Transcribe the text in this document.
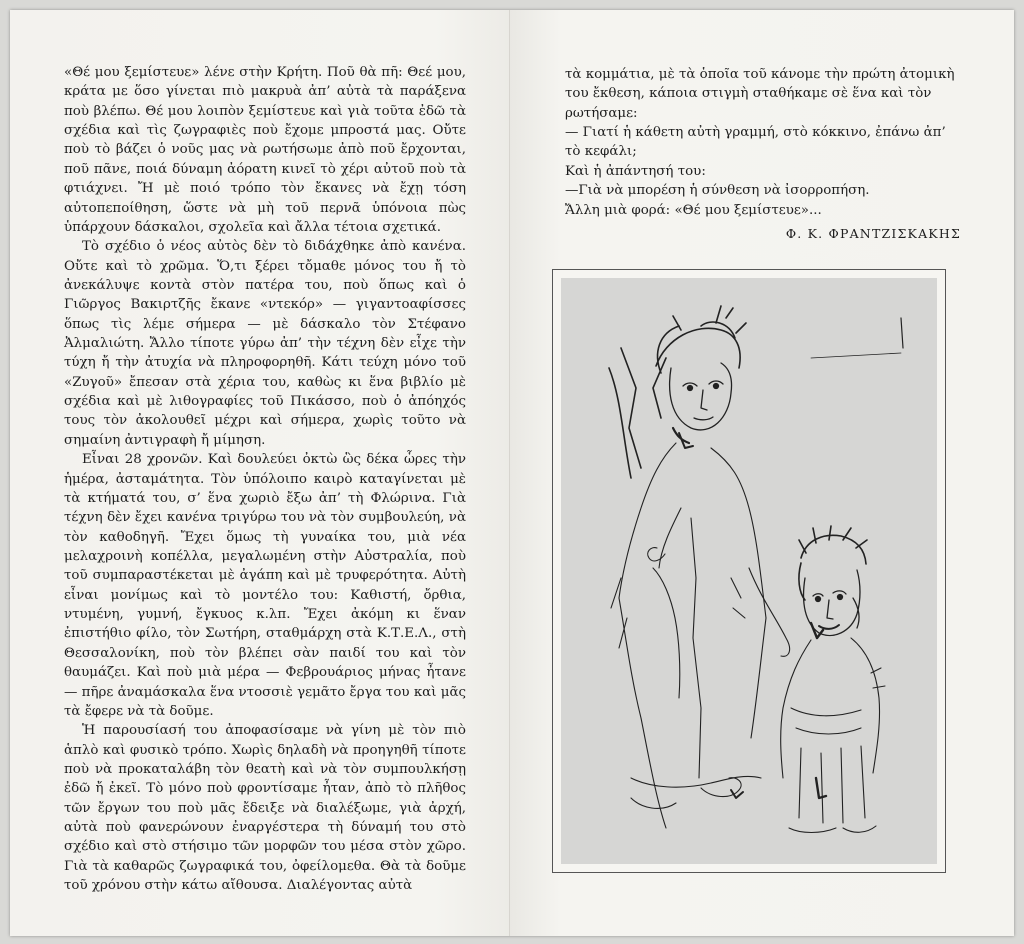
«Θέ μου ξεμίστευε» λένε στὴν Κρήτη. Ποῦ θὰ πῆ: Θεέ μου, κράτα με ὅσο γίνεται πιὸ μακρυὰ ἀπ’ αὐτὰ τὰ παράξενα ποὺ βλέπω. Θέ μου λοιπὸν ξεμίστευε καὶ γιὰ τοῦτα ἐδῶ τὰ σχέδια καὶ τὶς ζωγραφιὲς ποὺ ἔχομε μπροστά μας. Οὔτε ποὺ τὸ βάζει ὁ νοῦς μας νὰ ρωτήσωμε ἀπὸ ποῦ ἔρχονται, ποῦ πᾶνε, ποιά δύναμη ἀόρατη κινεῖ τὸ χέρι αὐτοῦ ποὺ τὰ φτιάχνει. Ἤ μὲ ποιό τρόπο τὸν ἔκανες νὰ ἔχῃ τόση αὐτοπεποίθηση, ὥστε νὰ μὴ τοῦ περνᾶ ὑπόνοια πὼς ὑπάρχουν δάσκαλοι, σχολεῖα καὶ ἄλλα τέτοια σχετικά.

Τὸ σχέδιο ὁ νέος αὐτὸς δὲν τὸ διδάχθηκε ἀπὸ κανένα. Οὔτε καὶ τὸ χρῶμα. Ὅ,τι ξέρει τὄμαθε μόνος του ἤ τὸ ἀνεκάλυψε κοντὰ στὸν πατέρα του, ποὺ ὅπως καὶ ὁ Γιῶργος Βακιρτζῆς ἔκανε «ντεκόρ» — γιγαντοαφίσσες ὅπως τὶς λέμε σήμερα — μὲ δάσκαλο τὸν Στέφανο Ἀλμαλιώτη. Ἄλλο τίποτε γύρω ἀπ’ τὴν τέχνη δὲν εἶχε τὴν τύχη ἤ τὴν ἀτυχία νὰ πληροφορηθῆ. Κάτι τεύχη μόνο τοῦ «Ζυγοῦ» ἔπεσαν στὰ χέρια του, καθὼς κι ἕνα βιβλίο μὲ σχέδια καὶ μὲ λιθογραφίες τοῦ Πικάσσο, ποὺ ὁ ἀπόηχός τους τὸν ἀκολουθεῖ μέχρι καὶ σήμερα, χωρὶς τοῦτο νὰ σημαίνη ἀντιγραφὴ ἤ μίμηση.

Εἶναι 28 χρονῶν. Καὶ δουλεύει ὀκτὼ ὣς δέκα ὧρες τὴν ἡμέρα, ἀσταμάτητα. Τὸν ὑπόλοιπο καιρὸ καταγίνεται μὲ τὰ κτήματά του, σ’ ἕνα χωριὸ ἔξω ἀπ’ τὴ Φλώρινα. Γιὰ τέχνη δὲν ἔχει κανένα τριγύρω του νὰ τὸν συμβουλεύη, νὰ τὸν καθοδηγῆ. Ἔχει ὅμως τὴ γυναίκα του, μιὰ νέα μελαχροινὴ κοπέλλα, μεγαλωμένη στὴν Αὐστραλία, ποὺ τοῦ συμπαραστέκεται μὲ ἀγάπη καὶ μὲ τρυφερότητα. Αὐτὴ εἶναι μονίμως καὶ τὸ μοντέλο του: Καθιστή, ὄρθια, ντυμένη, γυμνή, ἔγκυος κ.λπ. Ἔχει ἀκόμη κι ἕναν ἐπιστήθιο φίλο, τὸν Σωτήρη, σταθμάρχη στὰ Κ.Τ.Ε.Λ., στὴ Θεσσαλονίκη, ποὺ τὸν βλέπει σὰν παιδί του καὶ τὸν θαυμάζει. Καὶ ποὺ μιὰ μέρα — Φεβρουάριος μήνας ἦτανε — πῆρε ἀναμάσκαλα ἕνα ντοσσιὲ γεμᾶτο ἔργα του καὶ μᾶς τὰ ἔφερε νὰ τὰ δοῦμε.

Ἡ παρουσίασή του ἀποφασίσαμε νὰ γίνη μὲ τὸν πιὸ ἁπλὸ καὶ φυσικὸ τρόπο. Χωρὶς δηλαδὴ νὰ προηγηθῆ τίποτε ποὺ νὰ προκαταλάβη τὸν θεατὴ καὶ νὰ τὸν συμπουλκήσῃ ἐδῶ ἤ ἐκεῖ. Τὸ μόνο ποὺ φροντίσαμε ἦταν, ἀπὸ τὸ πλῆθος τῶν ἔργων του ποὺ μᾶς ἔδειξε νὰ διαλέξωμε, γιὰ ἀρχή, αὐτὰ ποὺ φανερώνουν ἐναργέστερα τὴ δύναμή του στὸ σχέδιο καὶ στὸ στήσιμο τῶν μορφῶν του μέσα στὸν χῶρο. Γιὰ τὰ καθαρῶς ζωγραφικά του, ὀφείλομεθα. Θὰ τὰ δοῦμε τοῦ χρόνου στὴν κάτω αἴθουσα. Διαλέγοντας αὐτὰ

τὰ κομμάτια, μὲ τὰ ὁποῖα τοῦ κάνομε τὴν πρώτη ἀτομικὴ του ἔκθεση, κάποια στιγμὴ σταθήκαμε σὲ ἕνα καὶ τὸν ρωτήσαμε:

— Γιατί ἡ κάθετη αὐτὴ γραμμή, στὸ κόκκινο, ἐπάνω ἀπ’ τὸ κεφάλι;

Καὶ ἡ ἀπάντησή του:

—Γιὰ νὰ μπορέση ἡ σύνθεση νὰ ἰσορροπήση.

Ἄλλη μιὰ φορά: «Θέ μου ξεμίστευε»...

Φ. Κ. ΦΡΑΝΤΖΙΣΚΑΚΗΣ
